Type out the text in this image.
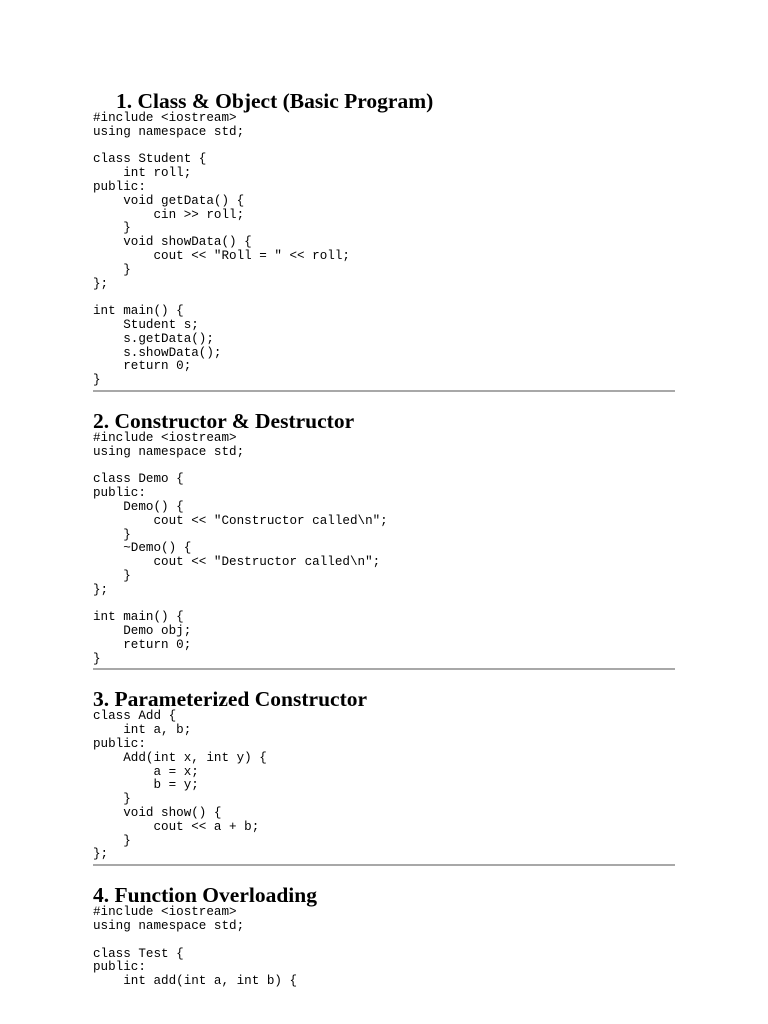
1. Class & Object (Basic Program)
#include <iostream>
using namespace std;

class Student {
int roll;
public:
void getData() {
cin >> roll;
}
void showData() {
cout << "Roll = " << roll;
}
};

int main() {
Student s;
s.getData();
s.showData();
return 0;
}
2. Constructor & Destructor
#include <iostream>
using namespace std;

class Demo {
public:
Demo() {
cout << "Constructor called\n";
}
~Demo() {
cout << "Destructor called\n";
}
};

int main() {
Demo obj;
return 0;
}
3. Parameterized Constructor
class Add {
int a, b;
public:
Add(int x, int y) {
a = x;
b = y;
}
void show() {
cout << a + b;
}
};
4. Function Overloading
#include <iostream>
using namespace std;

class Test {
public:
int add(int a, int b) {
